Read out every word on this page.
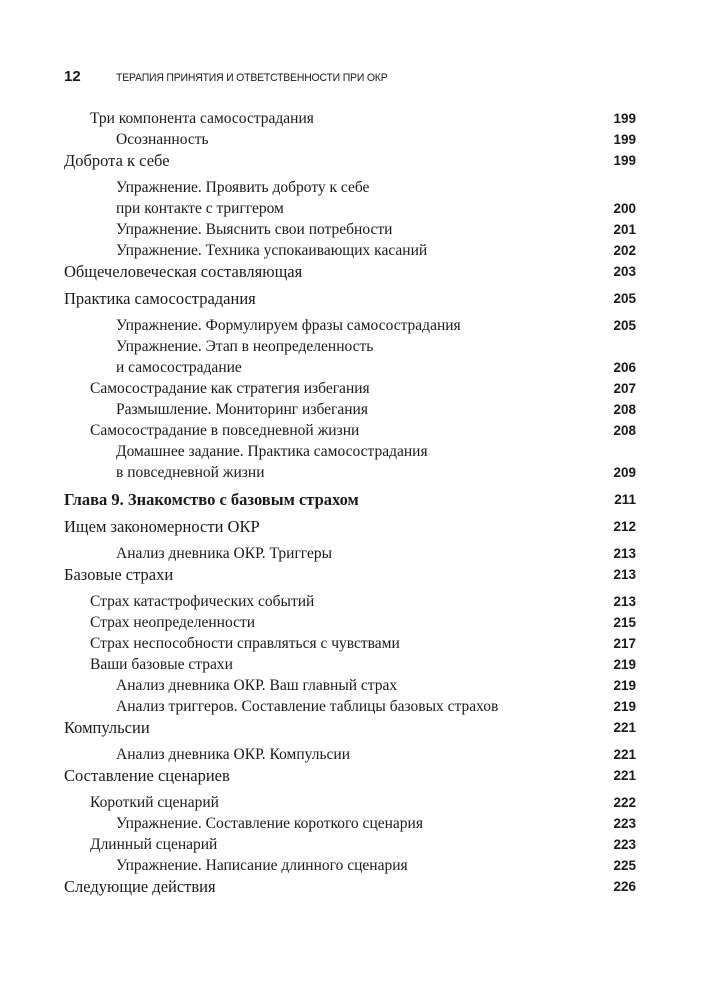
12	ТЕРАПИЯ ПРИНЯТИЯ И ОТВЕТСТВЕННОСТИ ПРИ ОКР
Три компонента самосострадания	199
Осознанность	199
Доброта к себе	199
Упражнение. Проявить доброту к себе
при контакте с триггером	200
Упражнение. Выяснить свои потребности	201
Упражнение. Техника успокаивающих касаний	202
Общечеловеческая составляющая	203
Практика самосострадания	205
Упражнение. Формулируем фразы самосострадания	205
Упражнение. Этап в неопределенность
и самосострадание	206
Самосострадание как стратегия избегания	207
Размышление. Мониторинг избегания	208
Самосострадание в повседневной жизни	208
Домашнее задание. Практика самосострадания
в повседневной жизни	209
Глава 9. Знакомство с базовым страхом	211
Ищем закономерности ОКР	212
Анализ дневника ОКР. Триггеры	213
Базовые страхи	213
Страх катастрофических событий	213
Страх неопределенности	215
Страх неспособности справляться с чувствами	217
Ваши базовые страхи	219
Анализ дневника ОКР. Ваш главный страх	219
Анализ триггеров. Составление таблицы базовых страхов	219
Компульсии	221
Анализ дневника ОКР. Компульсии	221
Составление сценариев	221
Короткий сценарий	222
Упражнение. Составление короткого сценария	223
Длинный сценарий	223
Упражнение. Написание длинного сценария	225
Следующие действия	226
